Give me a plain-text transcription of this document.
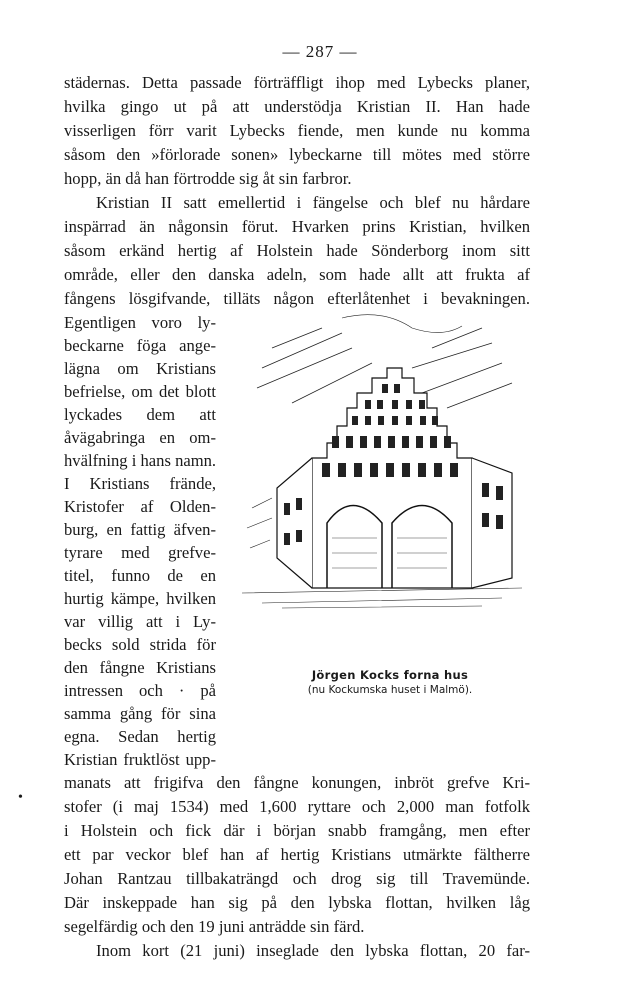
— 287 —
städernas. Detta passade förträffligt ihop med Lybecks planer,
hvilka gingo ut på att understödja Kristian II. Han hade
visserligen förr varit Lybecks fiende, men kunde nu komma
såsom den »förlorade sonen» lybeckarne till mötes med större
hopp, än då han förtrodde sig åt sin farbror.
Kristian II satt emellertid i fängelse och blef nu hårdare
inspärrad än någonsin förut. Hvarken prins Kristian, hvilken
såsom erkänd hertig af Holstein hade Sönderborg inom sitt
område, eller den danska adeln, som hade allt att frukta af
fångens lösgifvande, tilläts någon efterlåtenhet i bevakningen.
Egentligen voro ly-
beckarne föga ange-
lägna om Kristians
befrielse, om det blott
lyckades dem att
åvägabringa en om-
hvälfning i hans namn.
I Kristians frände,
Kristofer af Olden-
burg, en fattig äfven-
tyrare med grefve-
titel, funno de en
hurtig kämpe, hvilken
var villig att i Ly-
becks sold strida för
den fångne Kristians
intressen och · på
samma gång för sina
egna. Sedan hertig
Kristian fruktlöst upp-
Jörgen Kocks forna hus
(nu Kockumska huset i Malmö).
manats att frigifva den fångne konungen, inbröt grefve Kri-
stofer (i maj 1534) med 1,600 ryttare och 2,000 man fotfolk
i Holstein och fick där i början snabb framgång, men efter
ett par veckor blef han af hertig Kristians utmärkte fältherre
Johan Rantzau tillbakaträngd och drog sig till Travemünde.
Där inskeppade han sig på den lybska flottan, hvilken låg
segelfärdig och den 19 juni anträdde sin färd.
Inom kort (21 juni) inseglade den lybska flottan, 20 far-
•
